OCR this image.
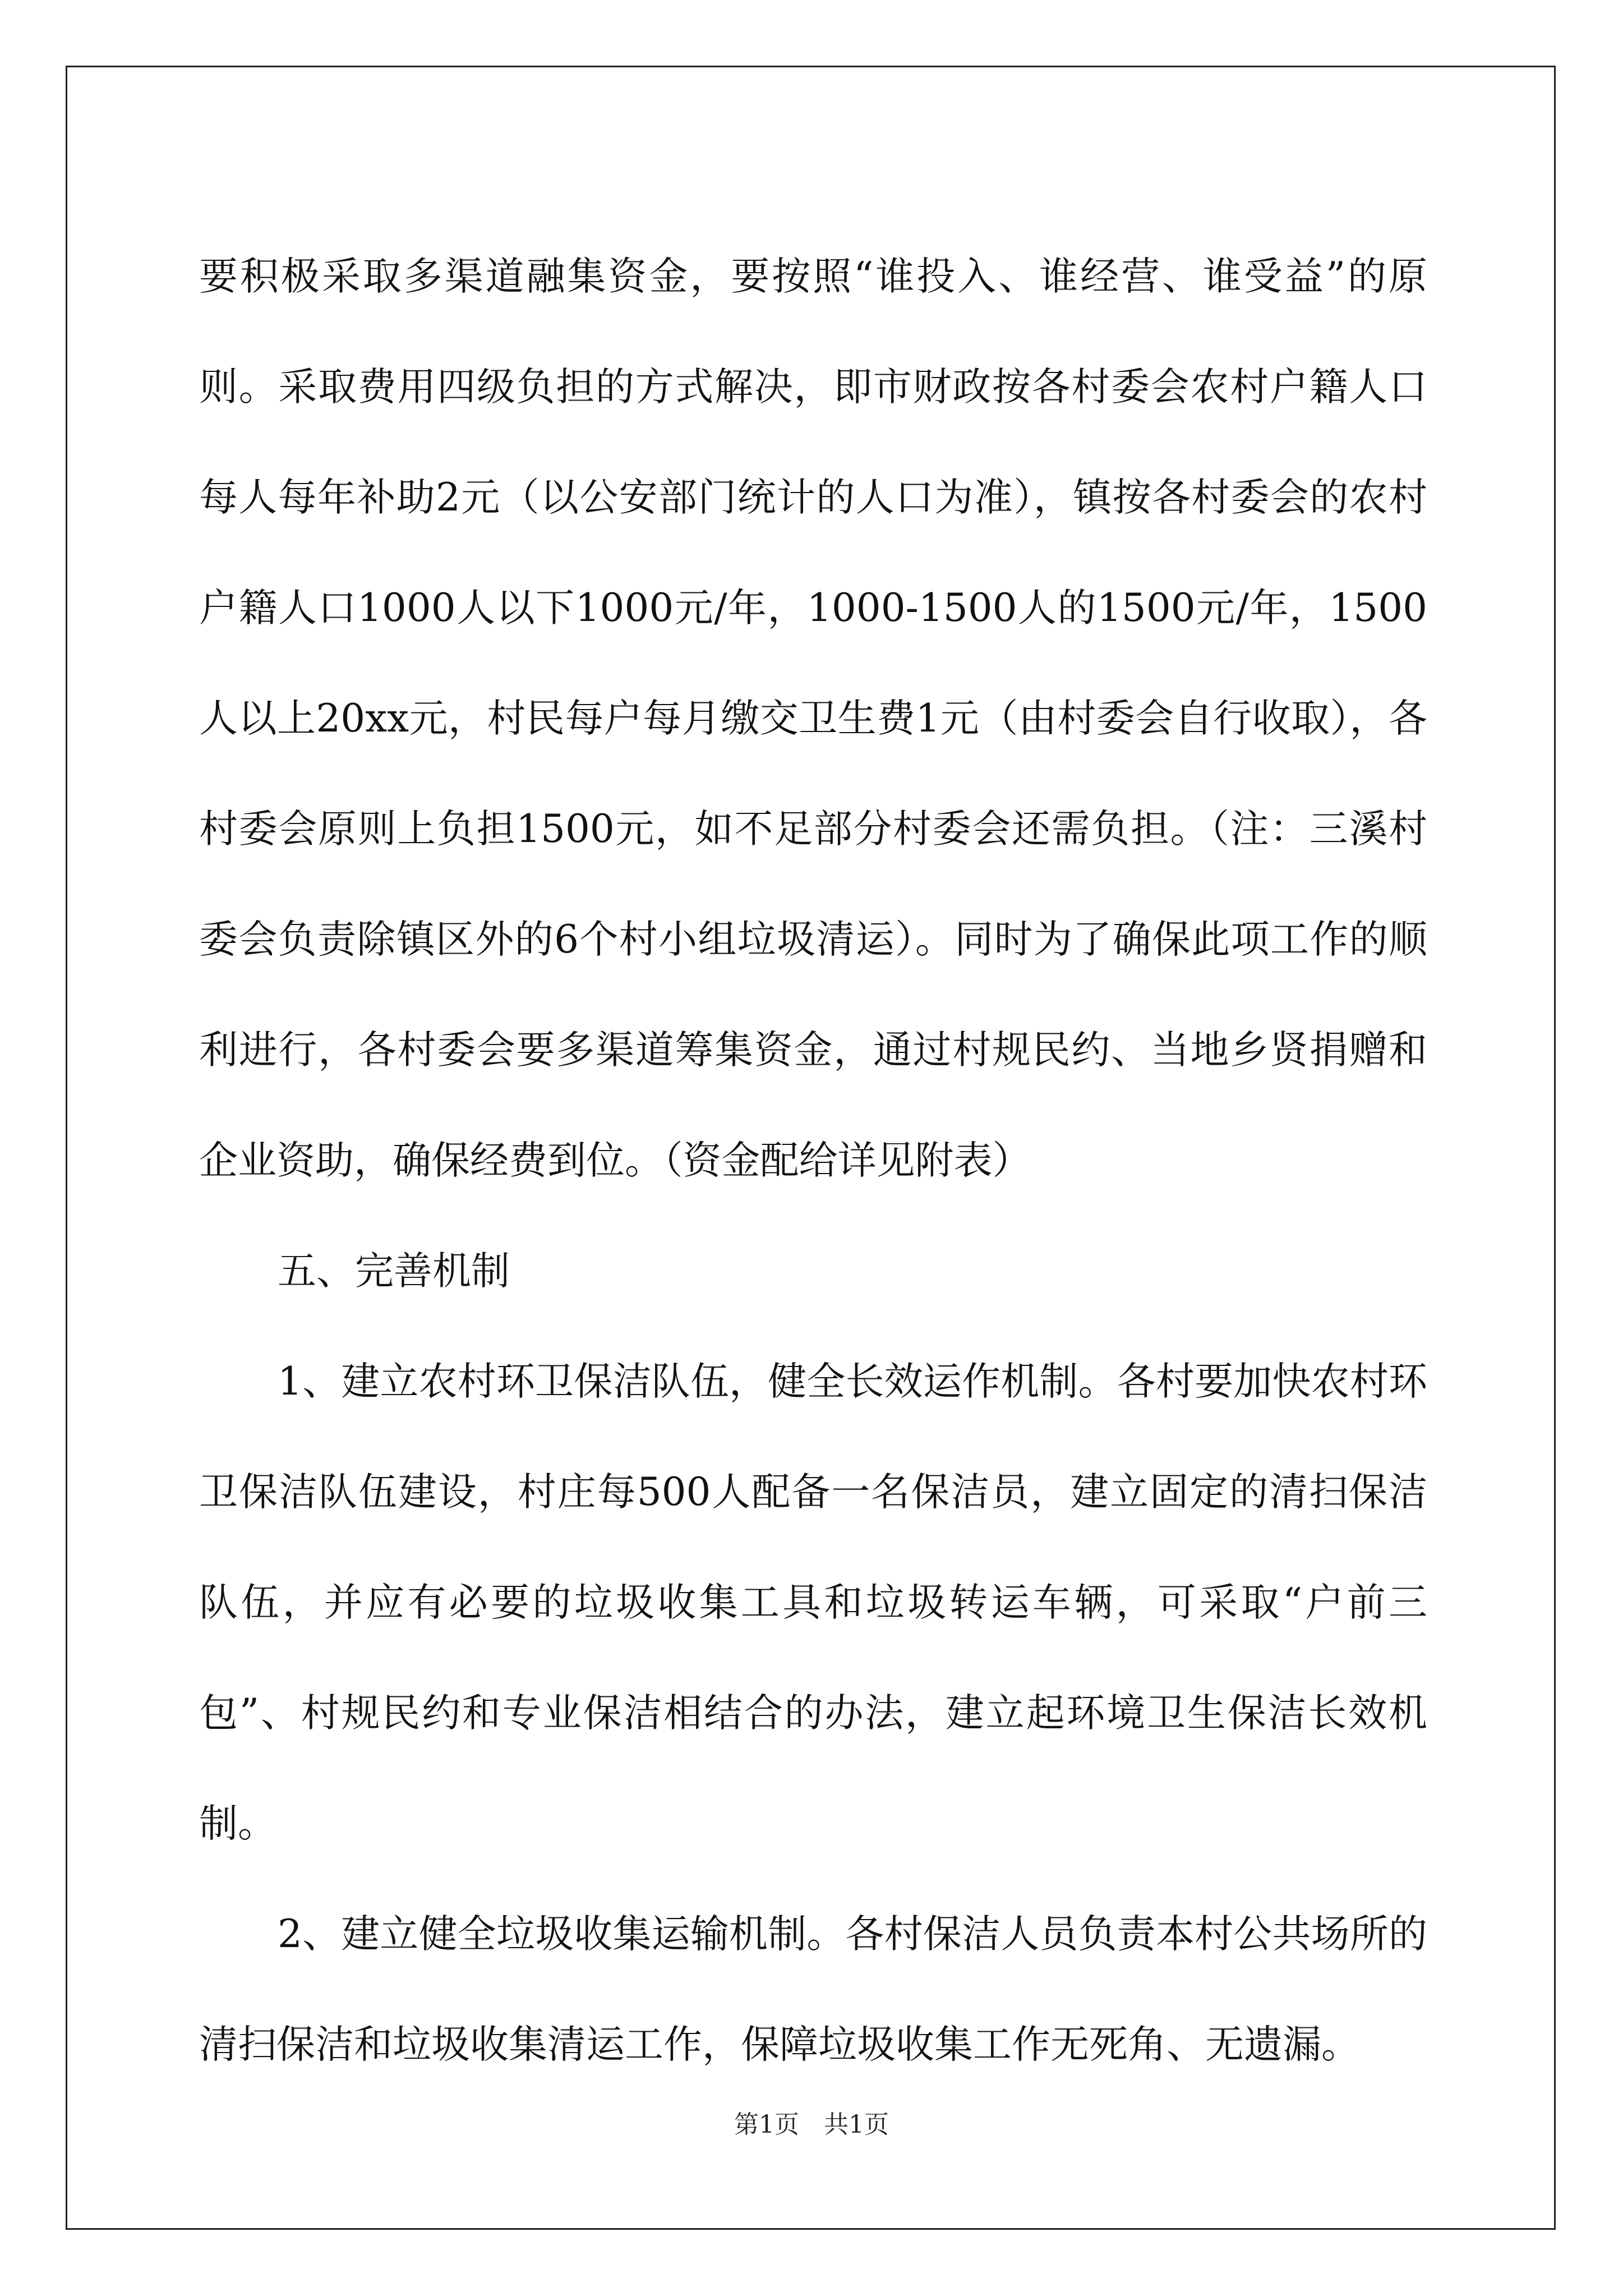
要积极采取多渠道融集资金，要按照“谁投入、谁经营、谁受益”的原则。采取费用四级负担的方式解决，即市财政按各村委会农村户籍人口每人每年补助2元（以公安部门统计的人口为准），镇按各村委会的农村户籍人口1000人以下1000元/年，1000-1500人的1500元/年，1500人以上20xx元，村民每户每月缴交卫生费1元（由村委会自行收取），各村委会原则上负担1500元，如不足部分村委会还需负担。（注：三溪村委会负责除镇区外的6个村小组垃圾清运）。同时为了确保此项工作的顺利进行，各村委会要多渠道筹集资金，通过村规民约、当地乡贤捐赠和企业资助，确保经费到位。（资金配给详见附表）

五、完善机制

1、建立农村环卫保洁队伍，健全长效运作机制。各村要加快农村环卫保洁队伍建设，村庄每500人配备一名保洁员，建立固定的清扫保洁队伍，并应有必要的垃圾收集工具和垃圾转运车辆，可采取“户前三包”、村规民约和专业保洁相结合的办法，建立起环境卫生保洁长效机制。

2、建立健全垃圾收集运输机制。各村保洁人员负责本村公共场所的清扫保洁和垃圾收集清运工作，保障垃圾收集工作无死角、无遗漏。

第1页　共1页
